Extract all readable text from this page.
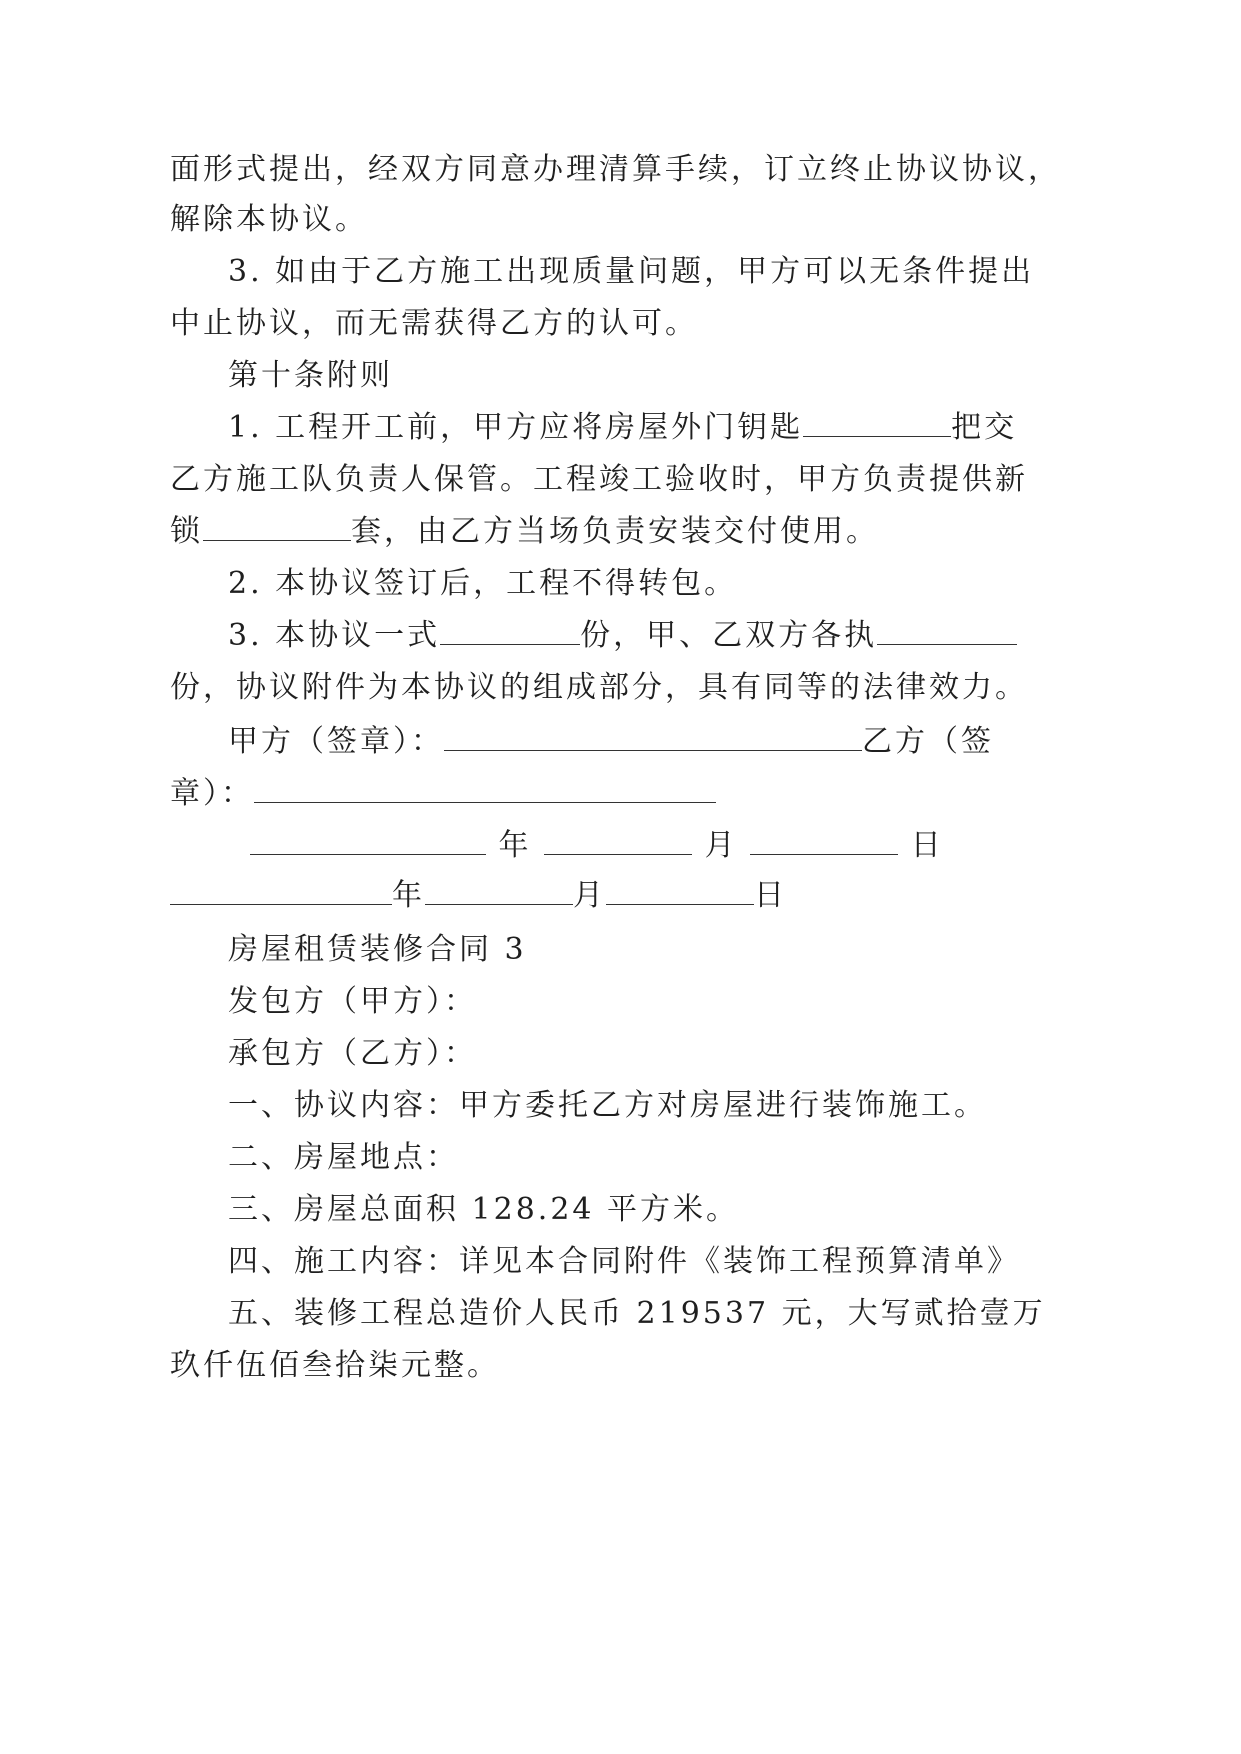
面形式提出，经双方同意办理清算手续，订立终止协议协议，
解除本协议。
3. 如由于乙方施工出现质量问题，甲方可以无条件提出
中止协议，而无需获得乙方的认可。
第十条附则
1. 工程开工前，甲方应将房屋外门钥匙	把交
乙方施工队负责人保管。工程竣工验收时，甲方负责提供新
锁	套，由乙方当场负责安装交付使用。
2. 本协议签订后，工程不得转包。
3. 本协议一式	份，甲、乙双方各执
份，协议附件为本协议的组成部分，具有同等的法律效力。
甲方（签章）：	乙方（签
章）：
年	月	日
年	月	日
房屋租赁装修合同 3
发包方（甲方）：
承包方（乙方）：
一、协议内容：甲方委托乙方对房屋进行装饰施工。
二、房屋地点：
三、房屋总面积 128.24 平方米。
四、施工内容：详见本合同附件《装饰工程预算清单》
五、装修工程总造价人民币 219537 元，大写贰拾壹万
玖仟伍佰叁拾柒元整。
